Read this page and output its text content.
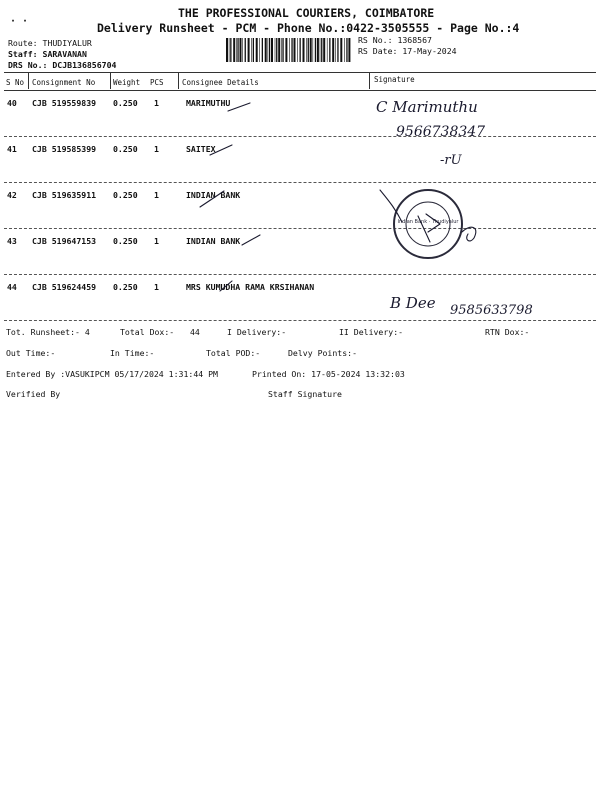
· ·
THE PROFESSIONAL COURIERS, COIMBATORE
Delivery Runsheet - PCM - Phone No.:0422-3505555 - Page No.:4
Route: THUDIYALUR
Staff: SARAVANAN
DRS No.: DCJB136856704
RS No.: 1368567
RS Date: 17-May-2024
S No Consignment No Weight PCS Consignee Details	Signature
40 CJB 519559839 0.250 1	MARIMUTHU
41 CJB 519585399 0.250 1	SAITEX
42 CJB 519635911 0.250 1	INDIAN BANK
43 CJB 519647153 0.250 1	INDIAN BANK
44 CJB 519624459 0.250 1	MRS KUMUDHA RAMA KRSIHANAN
C Marimuthu
9566738347
-rU
Indian Bank · Thudiyalur
B Dee 9585633798
Tot. Runsheet:- 4	Total Dox:- 44	I Delivery:-	II Delivery:-	RTN Dox:-
Out Time:-	In Time:-	Total POD:-	Delvy Points:-
Entered By :VASUKIPCM 05/17/2024 1:31:44 PM	Printed On: 17-05-2024 13:32:03
Verified By	Staff Signature
